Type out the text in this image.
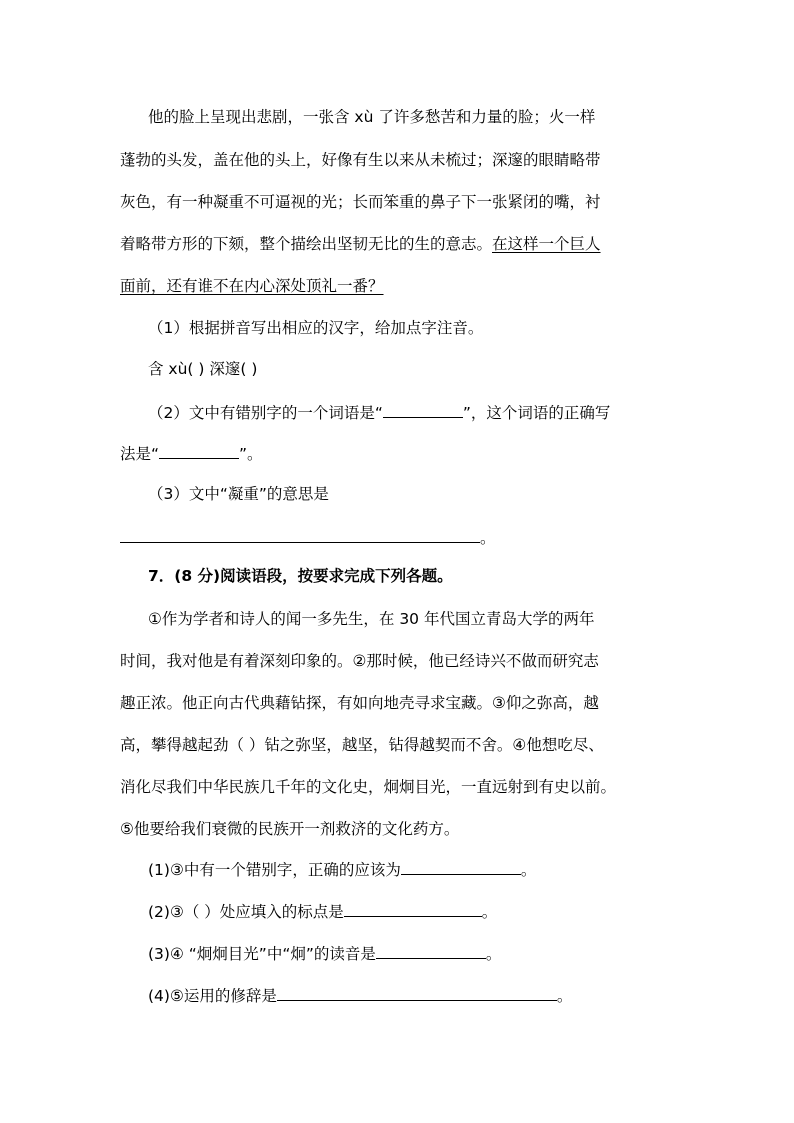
他的脸上呈现出悲剧，一张含 xù 了许多愁苦和力量的脸；火一样
蓬勃的头发，盖在他的头上，好像有生以来从未梳过；深邃的眼睛略带
灰色，有一种凝重不可逼视的光；长而笨重的鼻子下一张紧闭的嘴，衬
着略带方形的下颏，整个描绘出坚韧无比的生的意志。在这样一个巨人
面前，还有谁不在内心深处顶礼一番？
（1）根据拼音写出相应的汉字，给加点字注音。
含 xù( ) 深邃( )
（2）文中有错别字的一个词语是“	”，这个词语的正确写
法是“	”。
（3）文中“凝重”的意思是
。
7．(8 分)阅读语段，按要求完成下列各题。
①作为学者和诗人的闻一多先生，在 30 年代国立青岛大学的两年
时间，我对他是有着深刻印象的。②那时候，他已经诗兴不做而研究志
趣正浓。他正向古代典藉钻探，有如向地壳寻求宝藏。③仰之弥高，越
高，攀得越起劲（ ）钻之弥坚，越坚，钻得越契而不舍。④他想吃尽、
消化尽我们中华民族几千年的文化史，炯炯目光，一直远射到有史以前。
⑤他要给我们衰微的民族开一剂救济的文化药方。
(1)③中有一个错别字，正确的应该为	。
(2)③（ ）处应填入的标点是	。
(3)④ “炯炯目光”中“炯”的读音是	。
(4)⑤运用的修辞是	。
